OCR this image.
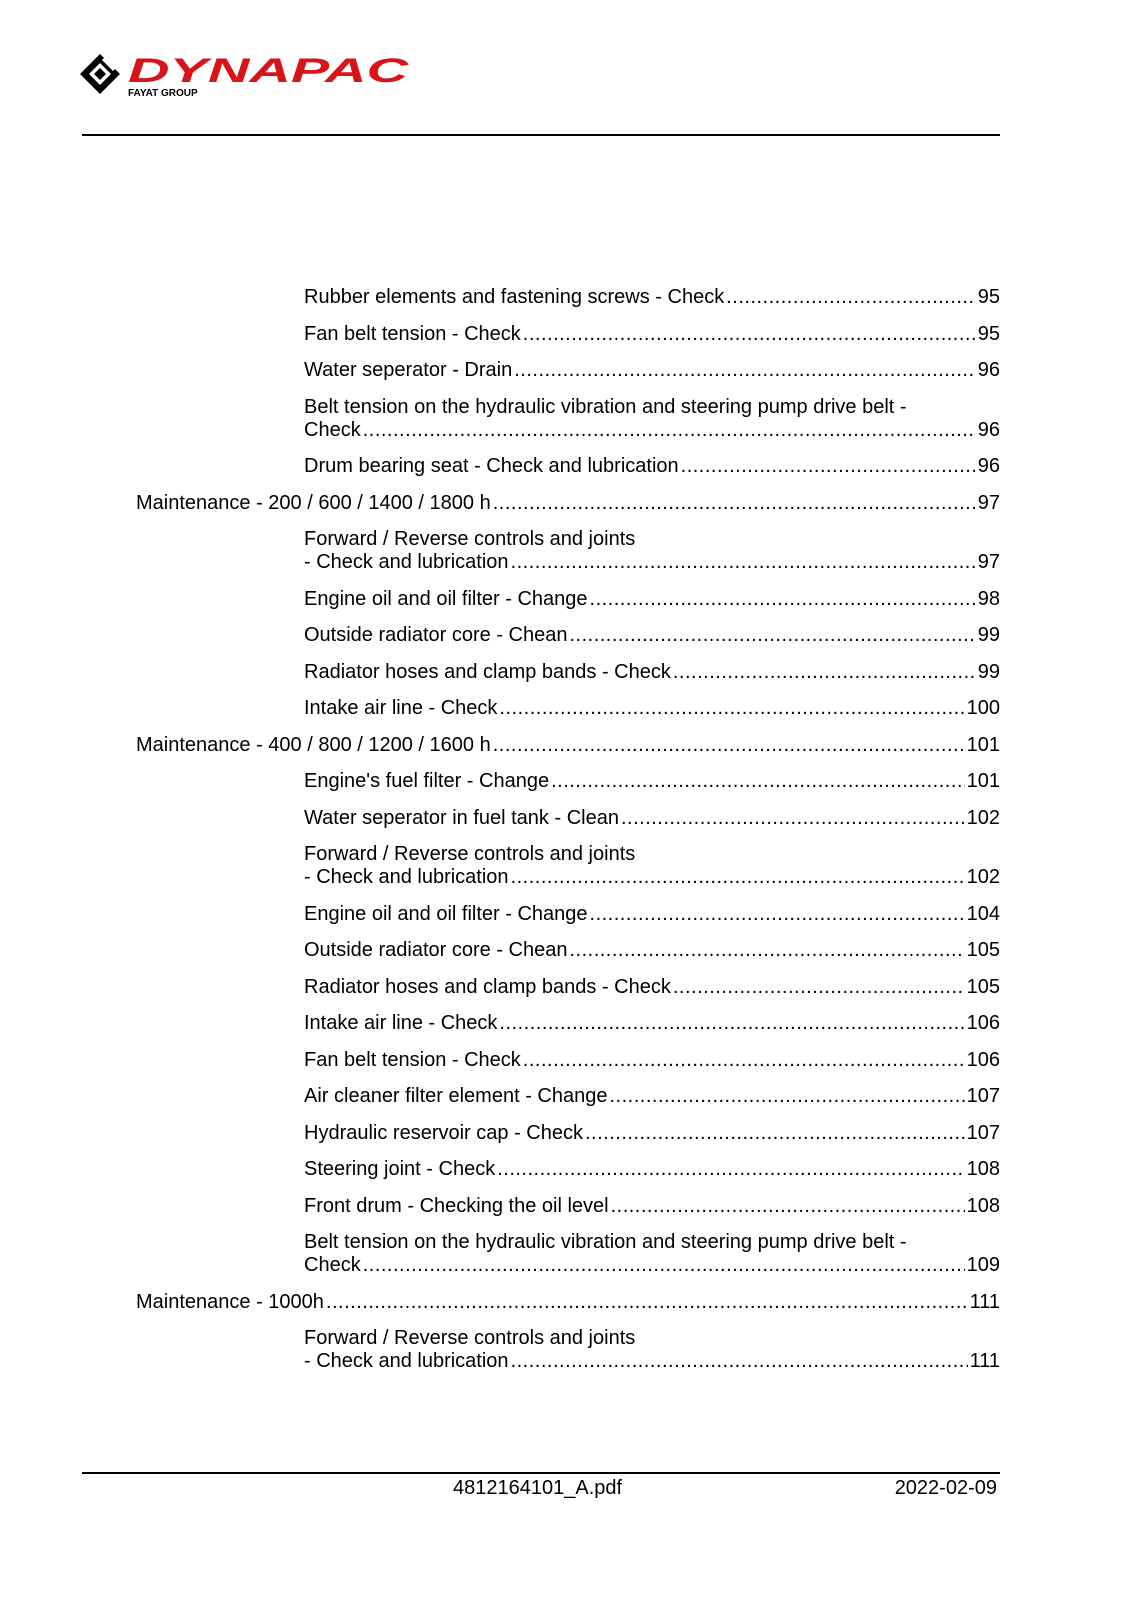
DYNAPAC
FAYAT GROUP
Rubber elements and fastening screws - Check .....	95
Fan belt tension - Check .....	95
Water seperator - Drain .....	96
Belt tension on the hydraulic vibration and steering pump drive belt -
Check .....	96
Drum bearing seat - Check and lubrication .....	96
Maintenance - 200 / 600 / 1400 / 1800 h .....	97
Forward / Reverse controls and joints
- Check and lubrication .....	97
Engine oil and oil filter - Change .....	98
Outside radiator core - Chean .....	99
Radiator hoses and clamp bands - Check .....	99
Intake air line - Check .....	100
Maintenance - 400 / 800 / 1200 / 1600 h .....	101
Engine's fuel filter - Change .....	101
Water seperator in fuel tank - Clean .....	102
Forward / Reverse controls and joints
- Check and lubrication .....	102
Engine oil and oil filter - Change .....	104
Outside radiator core - Chean .....	105
Radiator hoses and clamp bands - Check .....	105
Intake air line - Check .....	106
Fan belt tension - Check .....	106
Air cleaner filter element - Change .....	107
Hydraulic reservoir cap - Check .....	107
Steering joint - Check .....	108
Front drum - Checking the oil level .....	108
Belt tension on the hydraulic vibration and steering pump drive belt -
Check .....	109
Maintenance - 1000h .....	111
Forward / Reverse controls and joints
- Check and lubrication .....	111
4812164101_A.pdf	2022-02-09
